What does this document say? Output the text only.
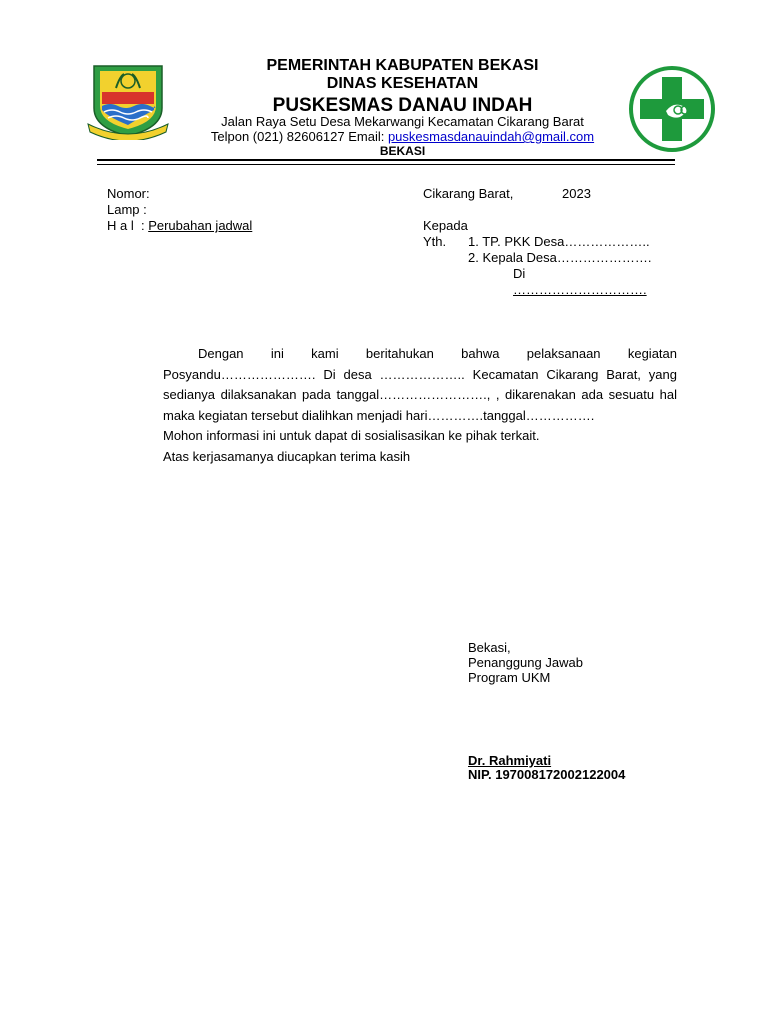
PEMERINTAH KABUPATEN BEKASI
DINAS KESEHATAN
PUSKESMAS DANAU INDAH
Jalan Raya Setu Desa Mekarwangi Kecamatan Cikarang Barat
Telpon (021) 82606127 Email: puskesmasdanauindah@gmail.com
BEKASI
Nomor:
Lamp :
H a l : Perubahan jadwal
Cikarang Barat,	2023
Kepada
Yth. 1. TP. PKK Desa………………..
2. Kepala Desa………………….
Di
………………………….

Dengan ini kami beritahukan bahwa pelaksanaan kegiatan Posyandu…………………. Di desa ……………….. Kecamatan Cikarang Barat, yang sedianya dilaksanakan pada tanggal……………………., , dikarenakan ada sesuatu hal maka kegiatan tersebut dialihkan menjadi hari………….tanggal…………….

Mohon informasi ini untuk dapat di sosialisasikan ke pihak terkait.

Atas kerjasamanya diucapkan terima kasih

Bekasi,
Penanggung Jawab
Program UKM
Dr. Rahmiyati
NIP. 197008172002122004
